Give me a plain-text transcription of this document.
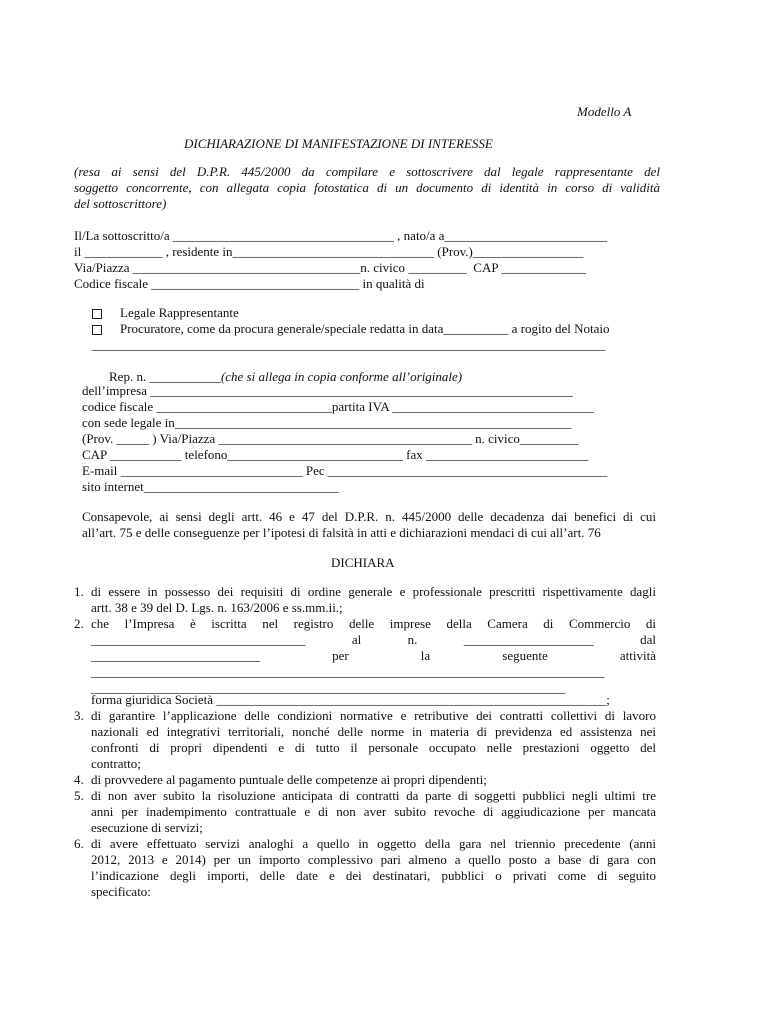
Modello A
DICHIARAZIONE DI MANIFESTAZIONE DI INTERESSE
(resa ai sensi del D.P.R. 445/2000 da compilare e sottoscrivere dal legale rappresentante del
soggetto concorrente, con allegata copia fotostatica di un documento di identità in corso di validità
del sottoscrittore)
Il/La sottoscritto/a __________________________________ , nato/a a_________________________
il ____________ , residente in_______________________________ (Prov.)_________________
Via/Piazza ___________________________________n. civico _________  CAP _____________
Codice fiscale ________________________________ in qualità di
Legale Rappresentante
Procuratore, come da procura generale/speciale redatta in data__________ a rogito del Notaio
_______________________________________________________________________________

Rep. n. ___________(che si allega in copia conforme all’originale)

dell’impresa _________________________________________________________________
codice fiscale ___________________________partita IVA _______________________________
con sede legale in_____________________________________________________________
(Prov. _____ ) Via/Piazza _______________________________________ n. civico_________
CAP ___________ telefono___________________________ fax _________________________
E-mail ____________________________ Pec ___________________________________________
sito internet______________________________
Consapevole, ai sensi degli artt. 46 e 47 del D.P.R. n. 445/2000 delle decadenza dai benefici di cui
all’art. 75 e delle conseguenze per l’ipotesi di falsità in atti e dichiarazioni mendaci di cui all’art. 76
DICHIARA
1. di essere in possesso dei requisiti di ordine generale e professionale prescritti rispettivamente dagli
artt. 38 e 39 del D. Lgs. n. 163/2006 e ss.mm.ii.;
2. che l’Impresa è iscritta nel registro delle imprese della Camera di Commercio di
_________________________________	al	n.	____________________	dal
__________________________	per	la	seguente	attività
_______________________________________________________________________________
_________________________________________________________________________
forma giuridica Società ____________________________________________________________;
3. di garantire l’applicazione delle condizioni normative e retributive dei contratti collettivi di lavoro
nazionali ed integrativi territoriali, nonché delle norme in materia di previdenza ed assistenza nei
confronti di propri dipendenti e di tutto il personale occupato nelle prestazioni oggetto del
contratto;
4. di provvedere al pagamento puntuale delle competenze ai propri dipendenti;
5. di non aver subito la risoluzione anticipata di contratti da parte di soggetti pubblici negli ultimi tre
anni per inadempimento contrattuale e di non aver subito revoche di aggiudicazione per mancata
esecuzione di servizi;
6. di avere effettuato servizi analoghi a quello in oggetto della gara nel triennio precedente (anni
2012, 2013 e 2014) per un importo complessivo pari almeno a quello posto a base di gara con
l’indicazione degli importi, delle date e dei destinatari, pubblici o privati come di seguito
specificato:
